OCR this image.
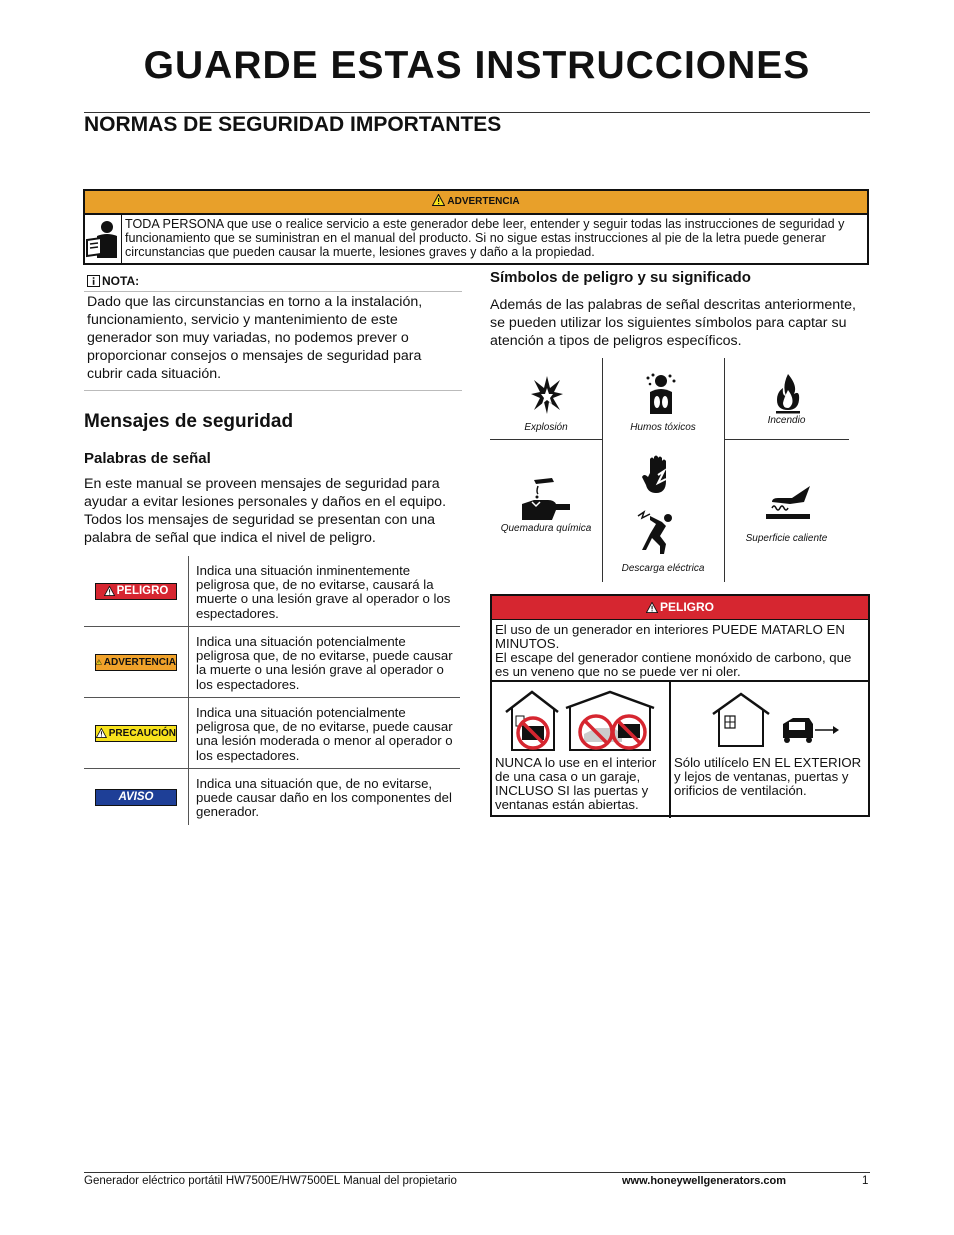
GUARDE ESTAS INSTRUCCIONES
NORMAS DE SEGURIDAD IMPORTANTES
ADVERTENCIA
TODA PERSONA que use o realice servicio a este generador debe leer, entender y seguir todas las instrucciones de seguridad y funcionamiento que se suministran en el manual del producto. Si no sigue estas instrucciones al pie de la letra puede generar circunstancias que pueden causar la muerte, lesiones graves y daño a la propiedad.
NOTA:
Dado que las circunstancias en torno a la instalación, funcionamiento, servicio y mantenimiento de este generador son muy variadas, no podemos prever o proporcionar consejos o mensajes de seguridad para cubrir cada situación.
Mensajes de seguridad
Palabras de señal
En este manual se proveen mensajes de seguridad para ayudar a evitar lesiones personales y daños en el equipo. Todos los mensajes de seguridad se presentan con una palabra de señal que indica el nivel de peligro.
PELIGRO
Indica una situación inminentemente peligrosa que, de no evitarse, causará la muerte o una lesión grave al operador o los espectadores.
ADVERTENCIA
Indica una situación potencialmente peligrosa que, de no evitarse, puede causar la muerte o una lesión grave al operador o los espectadores.
PRECAUCIÓN
Indica una situación potencialmente peligrosa que, de no evitarse, puede causar una lesión moderada o menor al operador o los espectadores.
AVISO
Indica una situación que, de no evitarse, puede causar daño en los componentes del generador.
Símbolos de peligro y su significado
Además de las palabras de señal descritas anteriormente, se pueden utilizar los siguientes símbolos para captar su atención a tipos de peligros específicos.
Explosión	Humos tóxicos
Incendio
Quemadura química
Descarga eléctrica
Superficie caliente
PELIGRO
El uso de un generador en interiores PUEDE MATARLO EN MINUTOS.
El escape del generador contiene monóxido de carbono, que es un veneno que no se puede ver ni oler.
NUNCA lo use en el interior de una casa o un garaje, INCLUSO SI las puertas y ventanas están abiertas.
Sólo utilícelo EN EL EXTERIOR y lejos de ventanas, puertas y orificios de ventilación.
Generador eléctrico portátil HW7500E/HW7500EL Manual del propietario	www.honeywellgenerators.com	1
